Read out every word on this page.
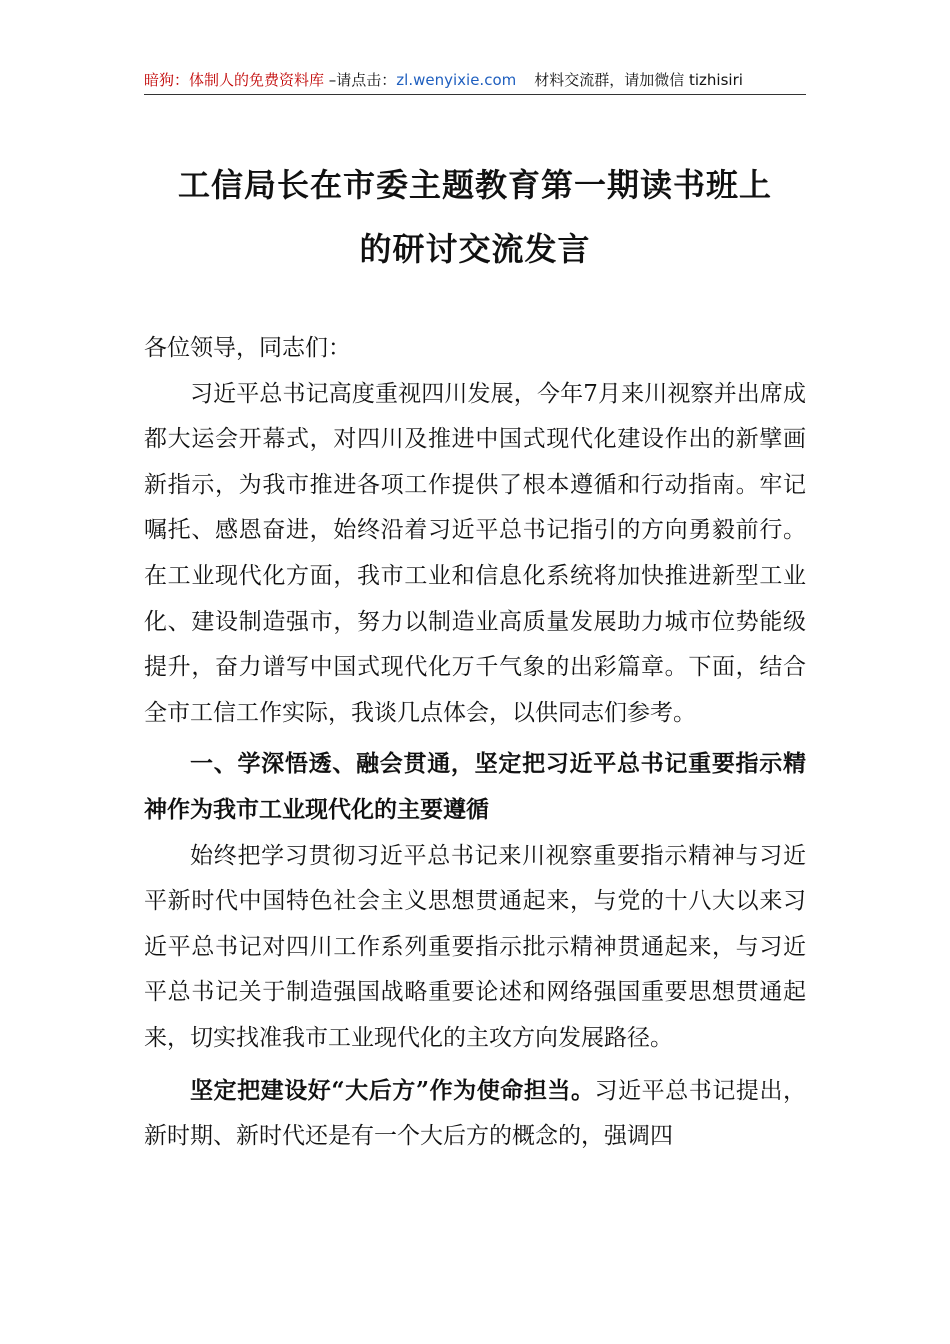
暗狗：体制人的免费资料库 –请点击：zl.wenyixie.com 材料交流群，请加微信 tizhisiri
工信局长在市委主题教育第一期读书班上
的研讨交流发言

各位领导，同志们：

习近平总书记高度重视四川发展，今年7月来川视察并出席成都大运会开幕式，对四川及推进中国式现代化建设作出的新擘画新指示，为我市推进各项工作提供了根本遵循和行动指南。牢记嘱托、感恩奋进，始终沿着习近平总书记指引的方向勇毅前行。在工业现代化方面，我市工业和信息化系统将加快推进新型工业化、建设制造强市，努力以制造业高质量发展助力城市位势能级提升，奋力谱写中国式现代化万千气象的出彩篇章。下面，结合全市工信工作实际，我谈几点体会，以供同志们参考。

一、学深悟透、融会贯通，坚定把习近平总书记重要指示精神作为我市工业现代化的主要遵循

始终把学习贯彻习近平总书记来川视察重要指示精神与习近平新时代中国特色社会主义思想贯通起来，与党的十八大以来习近平总书记对四川工作系列重要指示批示精神贯通起来，与习近平总书记关于制造强国战略重要论述和网络强国重要思想贯通起来，切实找准我市工业现代化的主攻方向发展路径。

坚定把建设好“大后方”作为使命担当。习近平总书记提出，新时期、新时代还是有一个大后方的概念的，强调四
